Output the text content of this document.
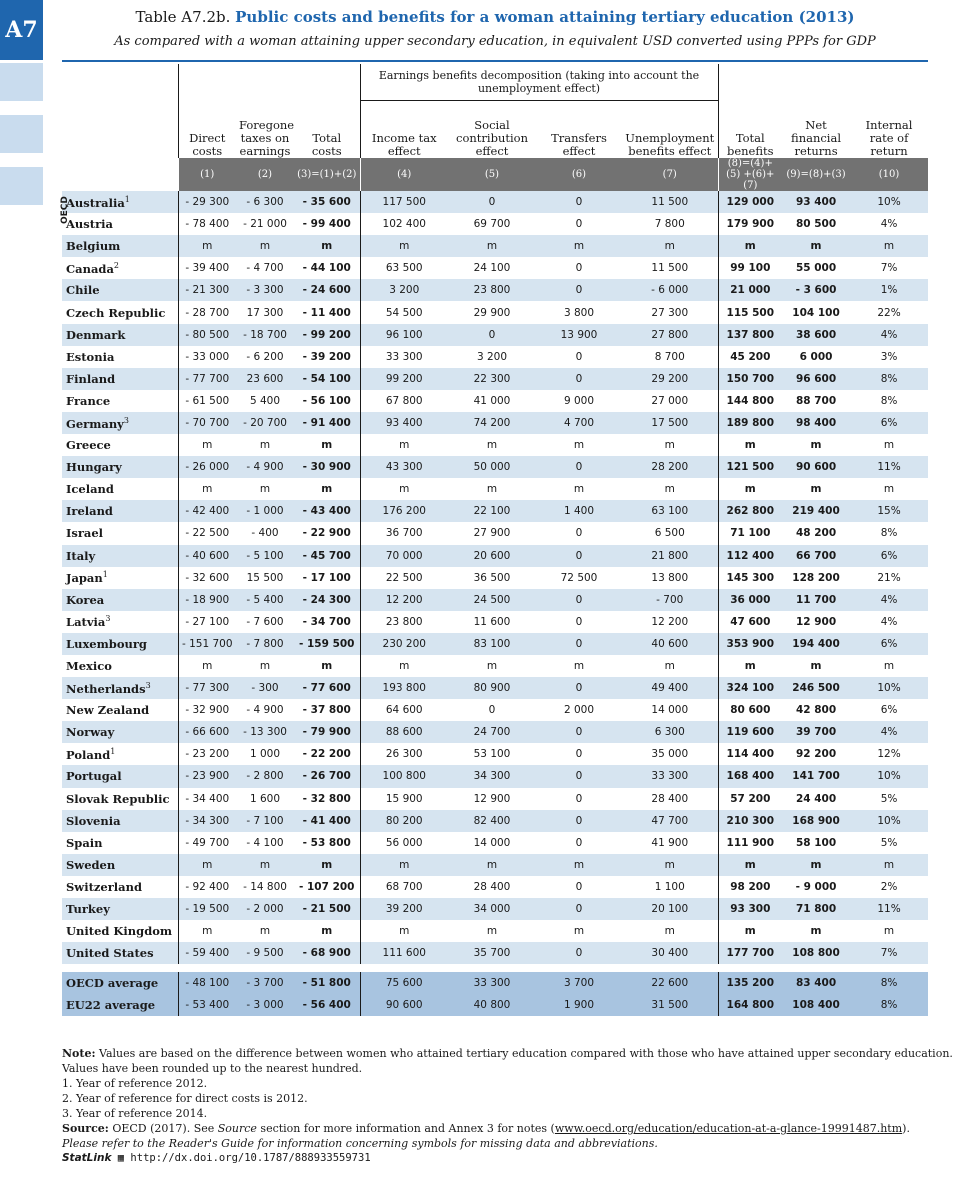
A7	Table A7.2b. Public costs and benefits for a woman attaining tertiary education (2013)
As compared with a woman attaining upper secondary education, in equivalent USD converted using PPPs for GDP
				Earnings benefits decomposition (taking into account the unemployment effect)						
	Direct costs	Foregone taxes on earnings	Total costs	Income tax effect	Social contribution effect	Transfers effect	Unemployment benefits effect	Total benefits	Net financial returns	Internal rate of return
	(1)	(2)	(3)=(1)+(2)	(4)	(5)	(6)	(7)	(8)=(4)+(5) +(6)+(7)	(9)=(8)+(3)	(10)
Australia$^1$	- 29 300	- 6 300	- 35 600	117 500	0	0	11 500	129 000	93 400	10%
Austria	- 78 400	- 21 000	- 99 400	102 400	69 700	0	7 800	179 900	80 500	4%
Belgium	m	m	m	m	m	m	m	m	m	m
Canada$^2$	- 39 400	- 4 700	- 44 100	63 500	24 100	0	11 500	99 100	55 000	7%
Chile	- 21 300	- 3 300	- 24 600	3 200	23 800	0	- 6 000	21 000	- 3 600	1%
Czech Republic	- 28 700	17 300	- 11 400	54 500	29 900	3 800	27 300	115 500	104 100	22%
Denmark	- 80 500	- 18 700	- 99 200	96 100	0	13 900	27 800	137 800	38 600	4%
Estonia	- 33 000	- 6 200	- 39 200	33 300	3 200	0	8 700	45 200	6 000	3%
Finland	- 77 700	23 600	- 54 100	99 200	22 300	0	29 200	150 700	96 600	8%
France	- 61 500	5 400	- 56 100	67 800	41 000	9 000	27 000	144 800	88 700	8%
Germany$^3$	- 70 700	- 20 700	- 91 400	93 400	74 200	4 700	17 500	189 800	98 400	6%
Greece	m	m	m	m	m	m	m	m	m	m
Hungary	- 26 000	- 4 900	- 30 900	43 300	50 000	0	28 200	121 500	90 600	11%
Iceland	m	m	m	m	m	m	m	m	m	m
Ireland	- 42 400	- 1 000	- 43 400	176 200	22 100	1 400	63 100	262 800	219 400	15%
Israel	- 22 500	- 400	- 22 900	36 700	27 900	0	6 500	71 100	48 200	8%
Italy	- 40 600	- 5 100	- 45 700	70 000	20 600	0	21 800	112 400	66 700	6%
Japan$^1$	- 32 600	15 500	- 17 100	22 500	36 500	72 500	13 800	145 300	128 200	21%
Korea	- 18 900	- 5 400	- 24 300	12 200	24 500	0	- 700	36 000	11 700	4%
Latvia$^3$	- 27 100	- 7 600	- 34 700	23 800	11 600	0	12 200	47 600	12 900	4%
Luxembourg	- 151 700	- 7 800	- 159 500	230 200	83 100	0	40 600	353 900	194 400	6%
Mexico	m	m	m	m	m	m	m	m	m	m
Netherlands$^3$	- 77 300	- 300	- 77 600	193 800	80 900	0	49 400	324 100	246 500	10%
New Zealand	- 32 900	- 4 900	- 37 800	64 600	0	2 000	14 000	80 600	42 800	6%
Norway	- 66 600	- 13 300	- 79 900	88 600	24 700	0	6 300	119 600	39 700	4%
Poland$^1$	- 23 200	1 000	- 22 200	26 300	53 100	0	35 000	114 400	92 200	12%
Portugal	- 23 900	- 2 800	- 26 700	100 800	34 300	0	33 300	168 400	141 700	10%
Slovak Republic	- 34 400	1 600	- 32 800	15 900	12 900	0	28 400	57 200	24 400	5%
Slovenia	- 34 300	- 7 100	- 41 400	80 200	82 400	0	47 700	210 300	168 900	10%
Spain	- 49 700	- 4 100	- 53 800	56 000	14 000	0	41 900	111 900	58 100	5%
Sweden	m	m	m	m	m	m	m	m	m	m
Switzerland	- 92 400	- 14 800	- 107 200	68 700	28 400	0	1 100	98 200	- 9 000	2%
Turkey	- 19 500	- 2 000	- 21 500	39 200	34 000	0	20 100	93 300	71 800	11%
United Kingdom	m	m	m	m	m	m	m	m	m	m
United States	- 59 400	- 9 500	- 68 900	111 600	35 700	0	30 400	177 700	108 800	7%

OECD average	- 48 100	- 3 700	- 51 800	75 600	33 300	3 700	22 600	135 200	83 400	8%
EU22 average	- 53 400	- 3 000	- 56 400	90 600	40 800	1 900	31 500	164 800	108 400	8%
OECD

Note: Values are based on the difference between women who attained tertiary education compared with those who have attained upper secondary education. Values have been rounded up to the nearest hundred.

1. Year of reference 2012.

2. Year of reference for direct costs is 2012.

3. Year of reference 2014.

Source: OECD (2017). See Source section for more information and Annex 3 for notes (www.oecd.org/education/education-at-a-glance-19991487.htm).

Please refer to the Reader's Guide for information concerning symbols for missing data and abbreviations.

StatLink ▦ http://dx.doi.org/10.1787/888933559731
